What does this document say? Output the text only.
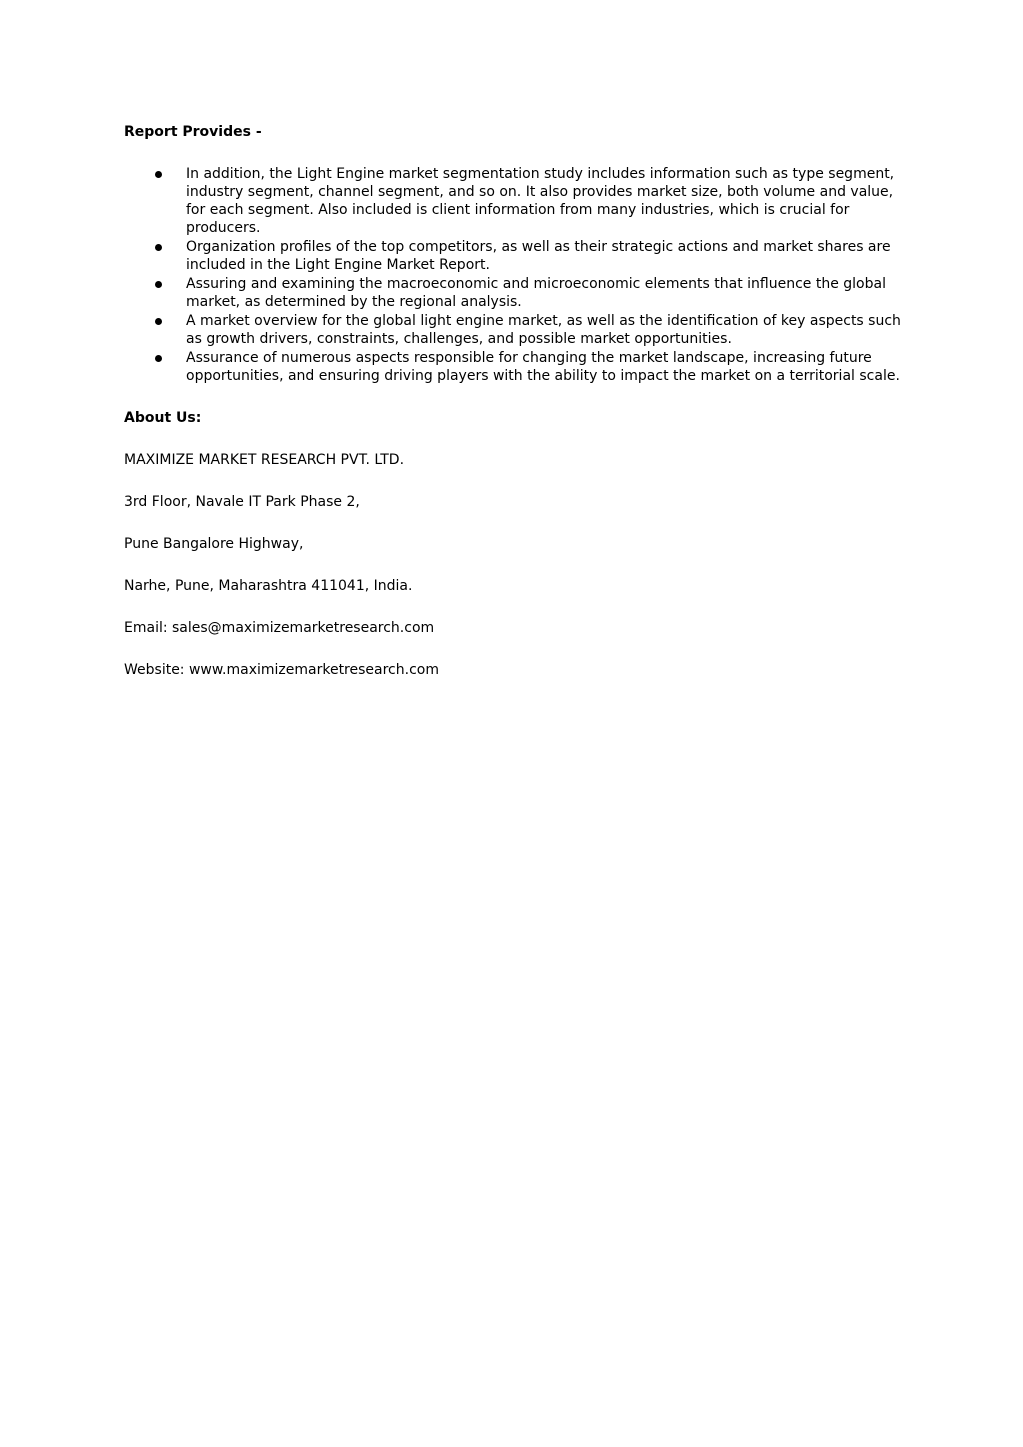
Report Provides -

In addition, the Light Engine market segmentation study includes information such as type segment, industry segment, channel segment, and so on. It also provides market size, both volume and value, for each segment. Also included is client information from many industries, which is crucial for producers.
Organization profiles of the top competitors, as well as their strategic actions and market shares are included in the Light Engine Market Report.
Assuring and examining the macroeconomic and microeconomic elements that influence the global market, as determined by the regional analysis.
A market overview for the global light engine market, as well as the identification of key aspects such as growth drivers, constraints, challenges, and possible market opportunities.
Assurance of numerous aspects responsible for changing the market landscape, increasing future opportunities, and ensuring driving players with the ability to impact the market on a territorial scale.

About Us:

MAXIMIZE MARKET RESEARCH PVT. LTD.

3rd Floor, Navale IT Park Phase 2,

Pune Bangalore Highway,

Narhe, Pune, Maharashtra 411041, India.

Email: sales@maximizemarketresearch.com

Website: www.maximizemarketresearch.com
